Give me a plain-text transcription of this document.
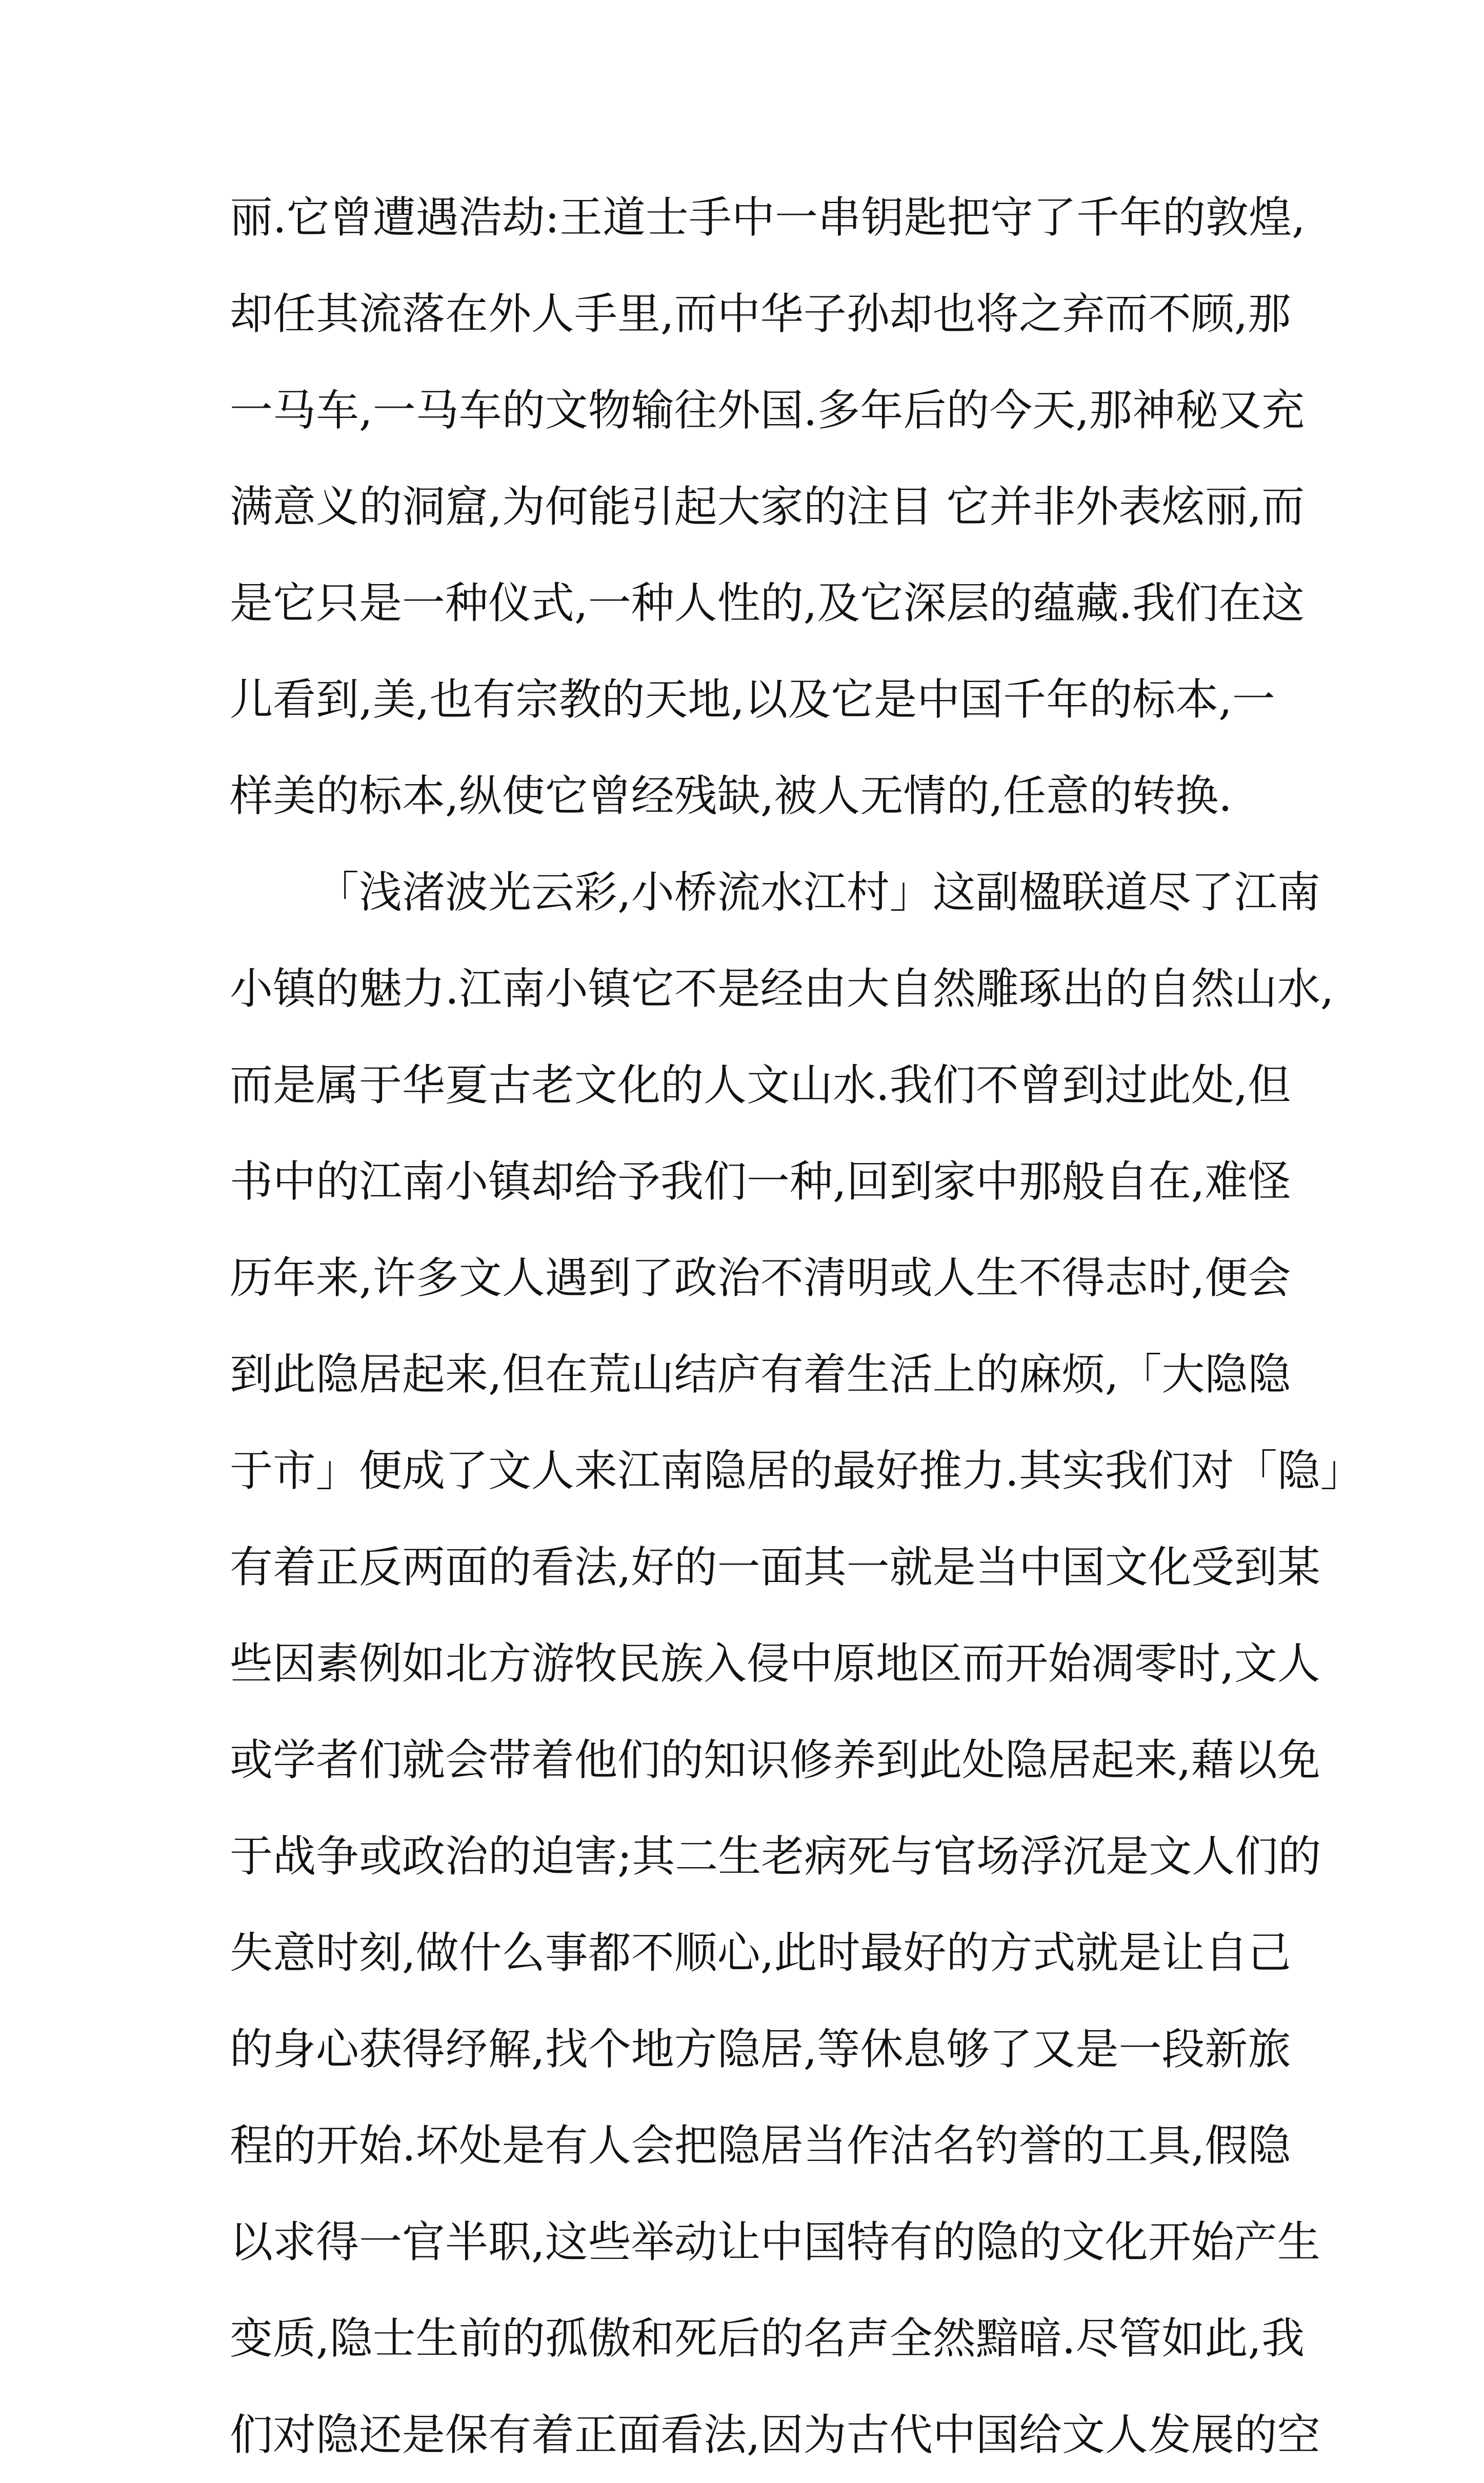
丽.它曾遭遇浩劫:王道士手中一串钥匙把守了千年的敦煌,
却任其流落在外人手里,而中华子孙却也将之弃而不顾,那
一马车,一马车的文物输往外国.多年后的今天,那神秘又充
满意义的洞窟,为何能引起大家的注目 它并非外表炫丽,而
是它只是一种仪式,一种人性的,及它深层的蕴藏.我们在这
儿看到,美,也有宗教的天地,以及它是中国千年的标本,一
样美的标本,纵使它曾经残缺,被人无情的,任意的转换.
「浅渚波光云彩,小桥流水江村」这副楹联道尽了江南
小镇的魅力.江南小镇它不是经由大自然雕琢出的自然山水,
而是属于华夏古老文化的人文山水.我们不曾到过此处,但
书中的江南小镇却给予我们一种,回到家中那般自在,难怪
历年来,许多文人遇到了政治不清明或人生不得志时,便会
到此隐居起来,但在荒山结庐有着生活上的麻烦,「大隐隐
于市」便成了文人来江南隐居的最好推力.其实我们对「隐」
有着正反两面的看法,好的一面其一就是当中国文化受到某
些因素例如北方游牧民族入侵中原地区而开始凋零时,文人
或学者们就会带着他们的知识修养到此处隐居起来,藉以免
于战争或政治的迫害;其二生老病死与官场浮沉是文人们的
失意时刻,做什么事都不顺心,此时最好的方式就是让自己
的身心获得纾解,找个地方隐居,等休息够了又是一段新旅
程的开始.坏处是有人会把隐居当作沽名钓誉的工具,假隐
以求得一官半职,这些举动让中国特有的隐的文化开始产生
变质,隐士生前的孤傲和死后的名声全然黯暗.尽管如此,我
们对隐还是保有着正面看法,因为古代中国给文人发展的空
